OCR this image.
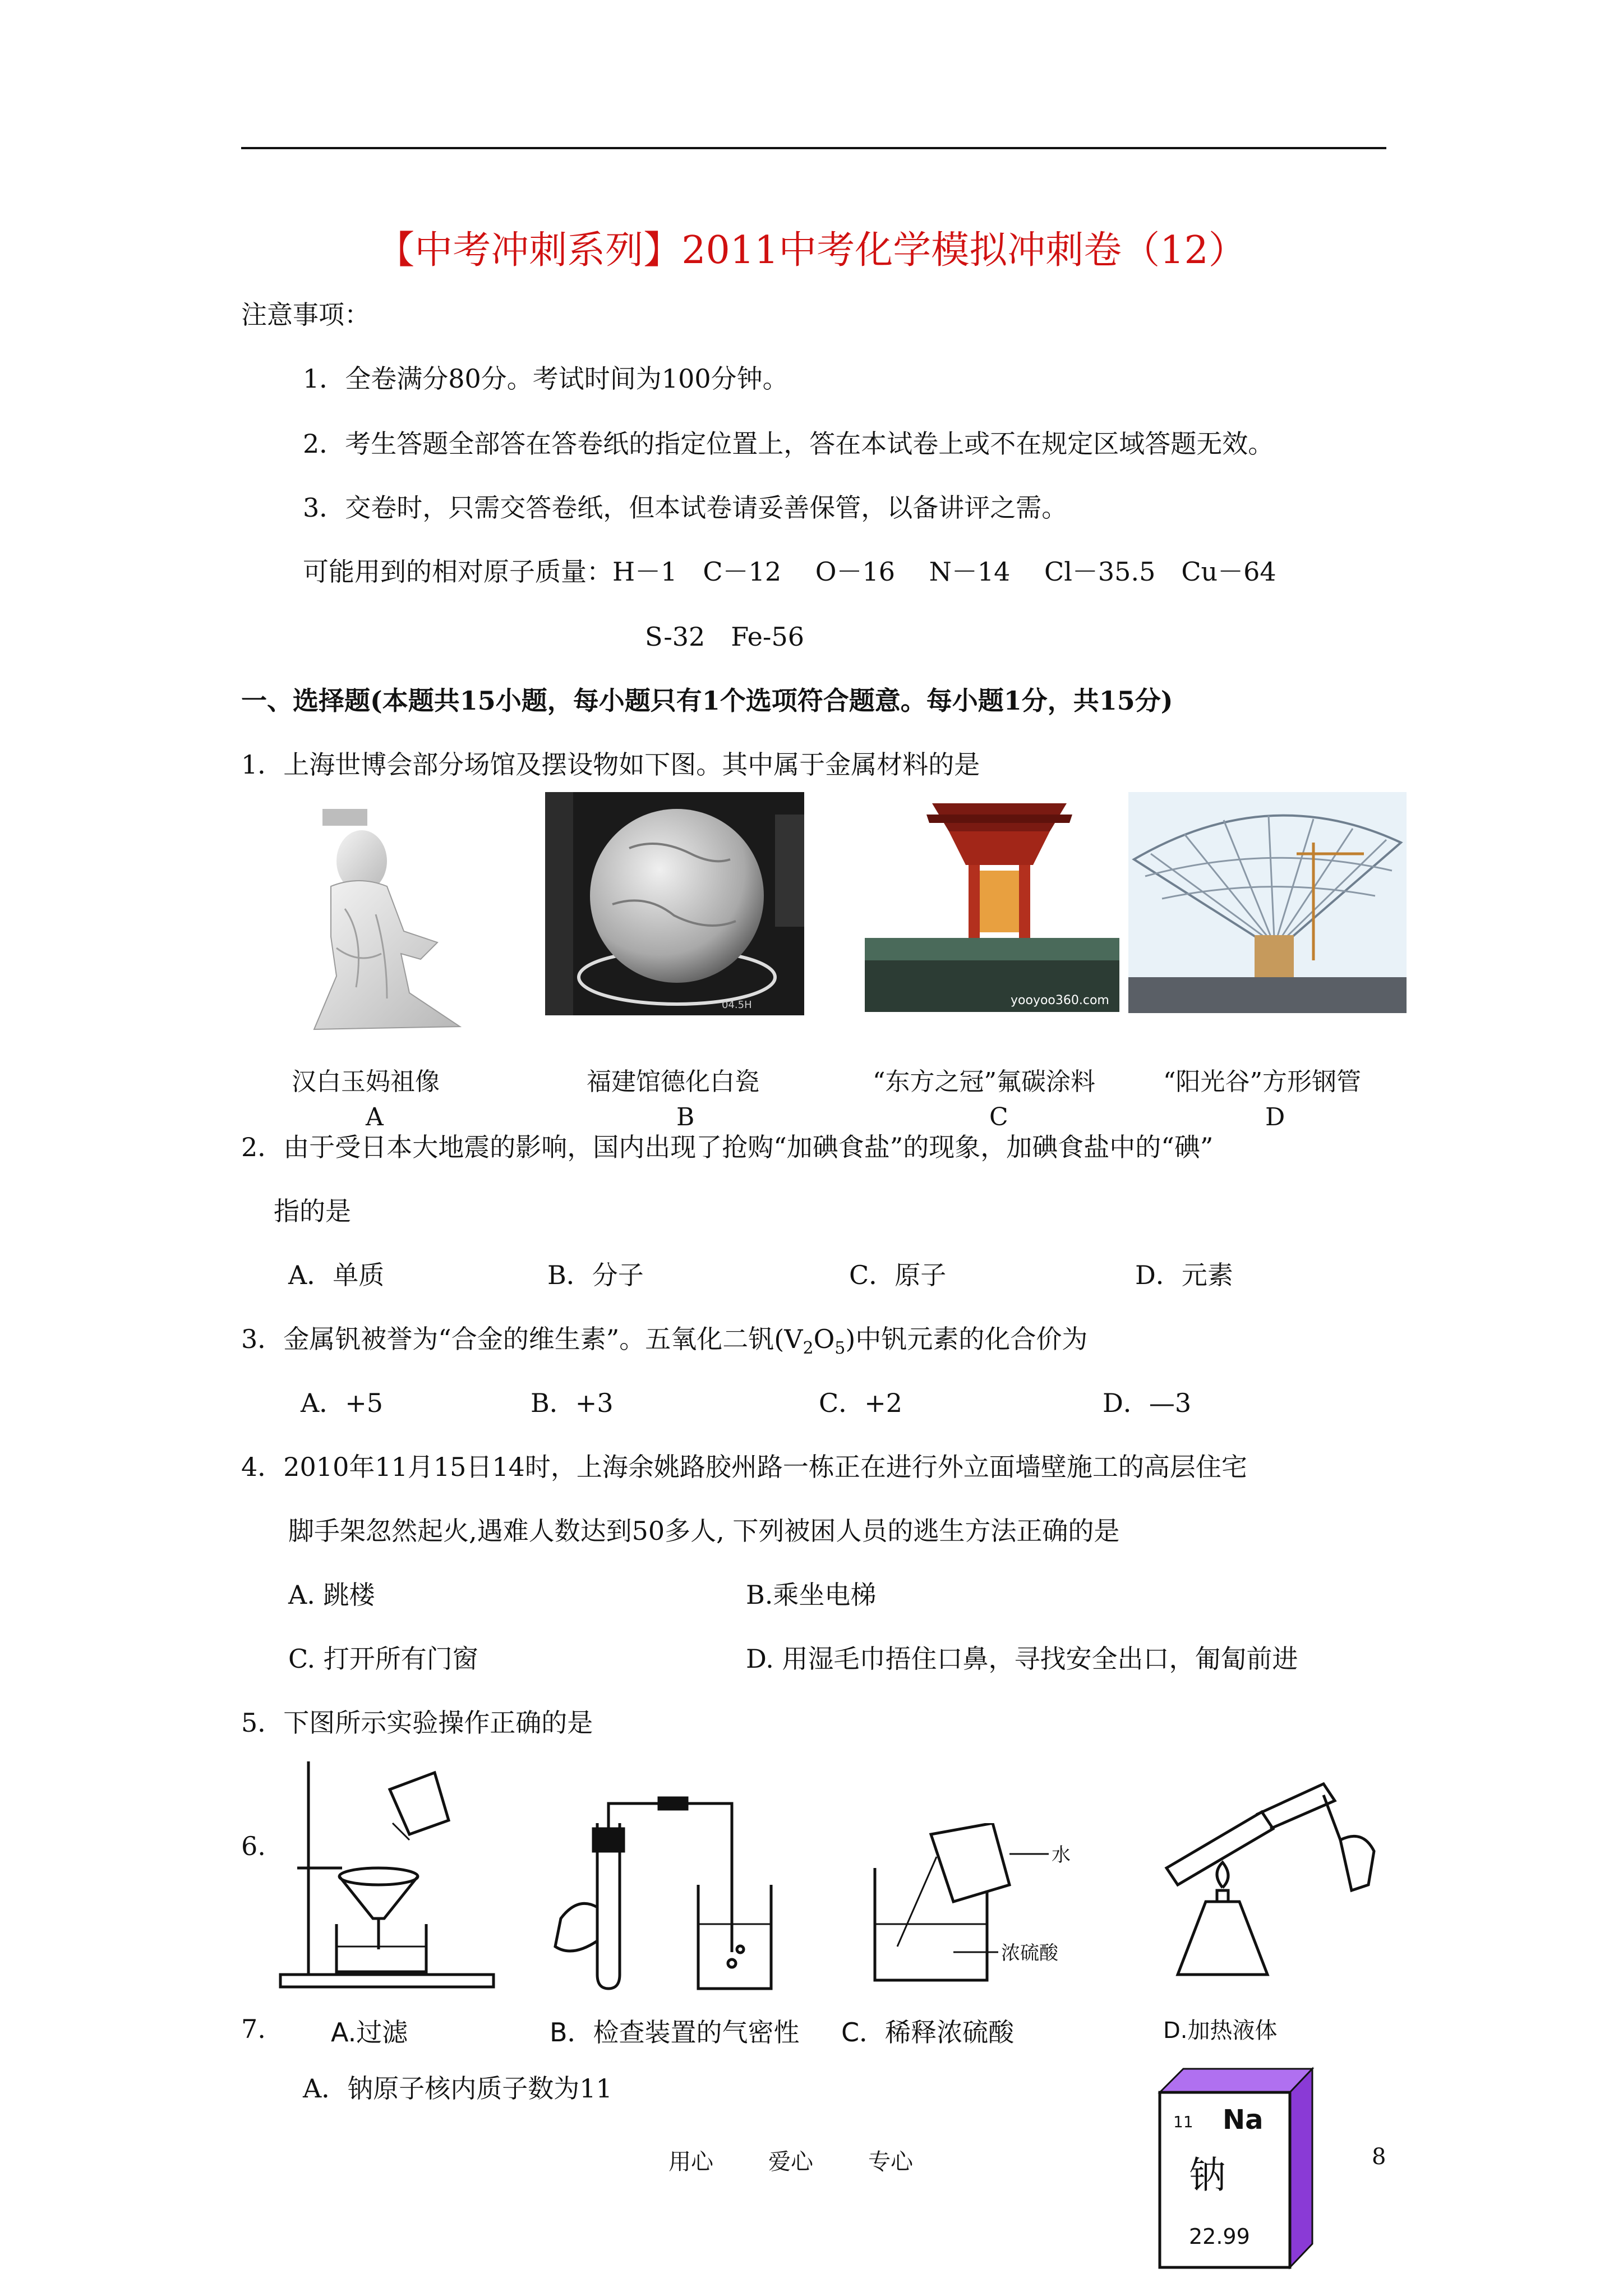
【中考冲刺系列】2011中考化学模拟冲刺卷（12）
注意事项：
1．全卷满分80分。考试时间为100分钟。
2．考生答题全部答在答卷纸的指定位置上，答在本试卷上或不在规定区域答题无效。
3．交卷时，只需交答卷纸，但本试卷请妥善保管，以备讲评之需。
可能用到的相对原子质量：H－1　C－12　 O－16　 N－14　 Cl－35.5　Cu－64
S-32　Fe-56
一、选择题(本题共15小题，每小题只有1个选项符合题意。每小题1分，共15分)
1．上海世博会部分场馆及摆设物如下图。其中属于金属材料的是
04.5H	yooyoo360.com
汉白玉妈祖像	福建馆德化白瓷	“东方之冠”氟碳涂料	“阳光谷”方形钢管
A	B	C	D
2．由于受日本大地震的影响，国内出现了抢购“加碘食盐”的现象，加碘食盐中的“碘”
指的是
A．单质	B．分子	C．原子	D．元素
3．金属钒被誉为“合金的维生素”。五氧化二钒$(V_2O_5)$中钒元素的化合价为
A．+5	B．+3	C．+2	D．—3
4．2010年11月15日14时，上海余姚路胶州路一栋正在进行外立面墙壁施工的高层住宅
脚手架忽然起火,遇难人数达到50多人, 下列被困人员的逃生方法正确的是
A. 跳楼	B.乘坐电梯
C. 打开所有门窗	D. 用湿毛巾捂住口鼻，寻找安全出口，匍匐前进
5．下图所示实验操作正确的是
6.
7.
水
浓硫酸
A.过滤	B．检查装置的气密性 C．稀释浓硫酸	D.加热液体
A．钠原子核内质子数为11
11 Na
钠
22.99
用心 爱心 专心	8
